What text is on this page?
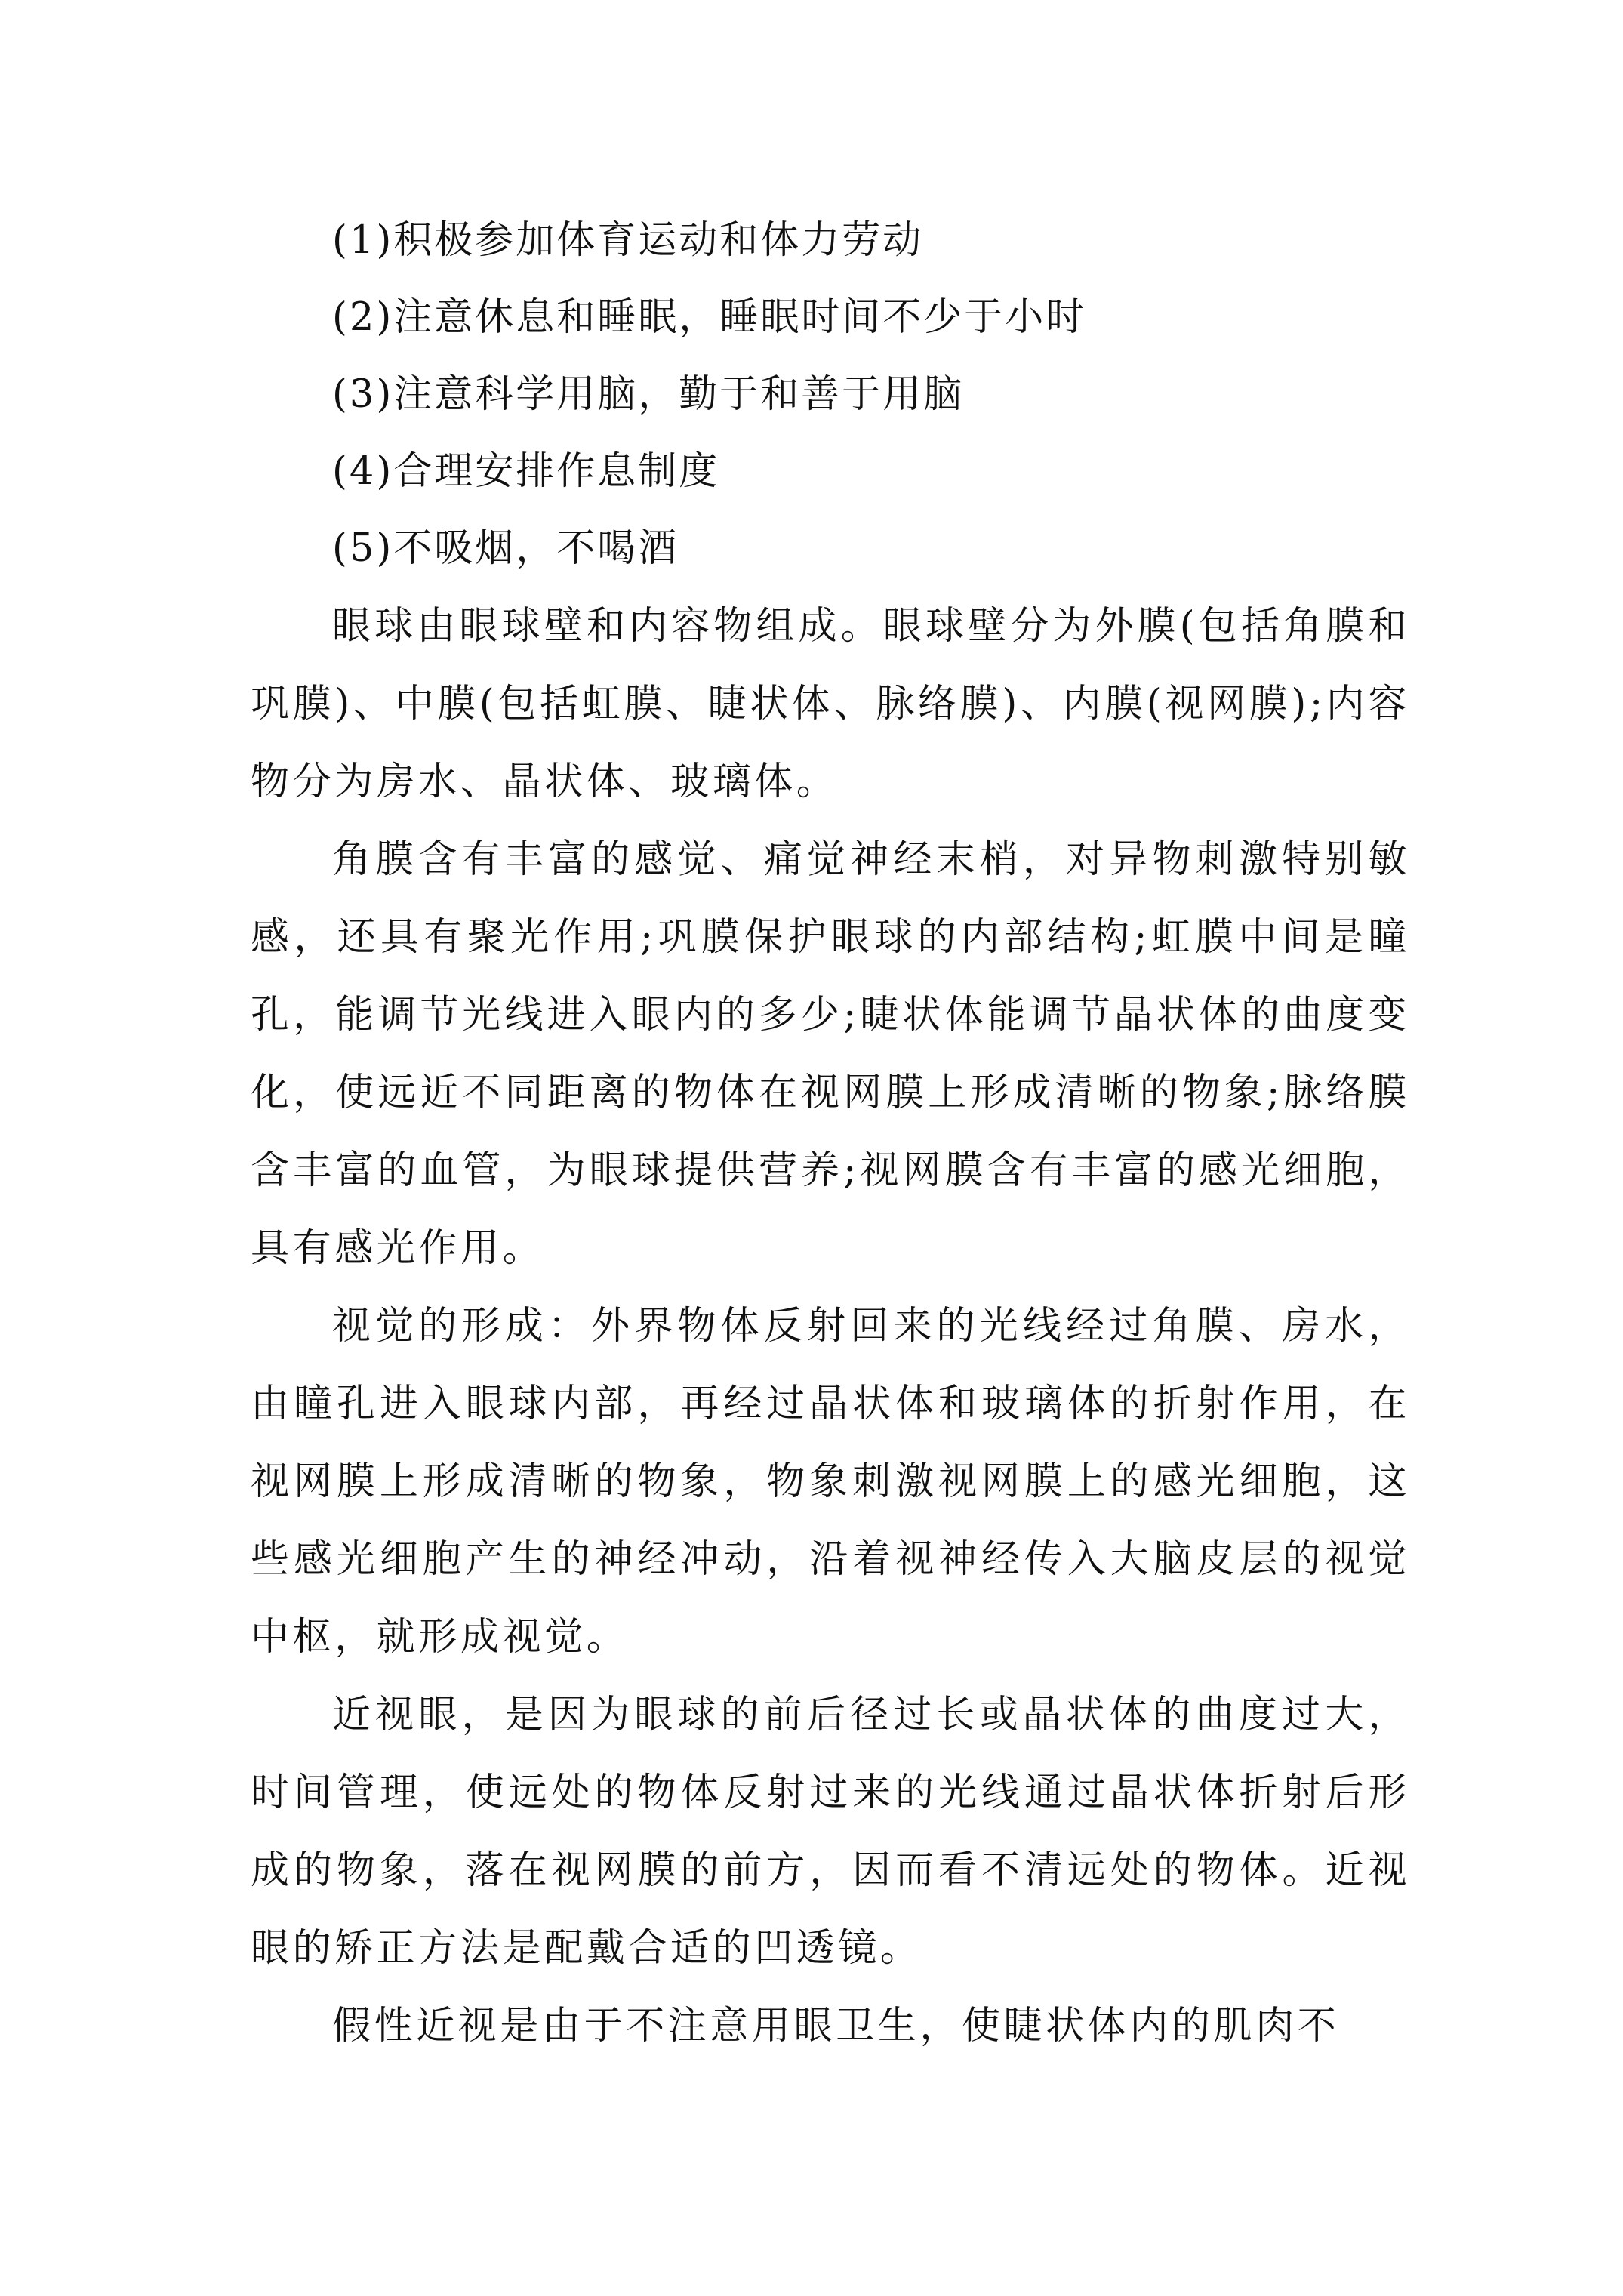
(1)积极参加体育运动和体力劳动
(2)注意休息和睡眠，睡眠时间不少于小时
(3)注意科学用脑，勤于和善于用脑
(4)合理安排作息制度
(5)不吸烟，不喝酒

眼球由眼球壁和内容物组成。眼球壁分为外膜(包括角膜和巩膜)、中膜(包括虹膜、睫状体、脉络膜)、内膜(视网膜);内容物分为房水、晶状体、玻璃体。

角膜含有丰富的感觉、痛觉神经末梢，对异物刺激特别敏感，还具有聚光作用;巩膜保护眼球的内部结构;虹膜中间是瞳孔，能调节光线进入眼内的多少;睫状体能调节晶状体的曲度变化，使远近不同距离的物体在视网膜上形成清晰的物象;脉络膜含丰富的血管，为眼球提供营养;视网膜含有丰富的感光细胞，具有感光作用。

视觉的形成：外界物体反射回来的光线经过角膜、房水，由瞳孔进入眼球内部，再经过晶状体和玻璃体的折射作用，在视网膜上形成清晰的物象，物象刺激视网膜上的感光细胞，这些感光细胞产生的神经冲动，沿着视神经传入大脑皮层的视觉中枢，就形成视觉。

近视眼，是因为眼球的前后径过长或晶状体的曲度过大，时间管理，使远处的物体反射过来的光线通过晶状体折射后形成的物象，落在视网膜的前方，因而看不清远处的物体。近视眼的矫正方法是配戴合适的凹透镜。

假性近视是由于不注意用眼卫生，使睫状体内的肌肉不
